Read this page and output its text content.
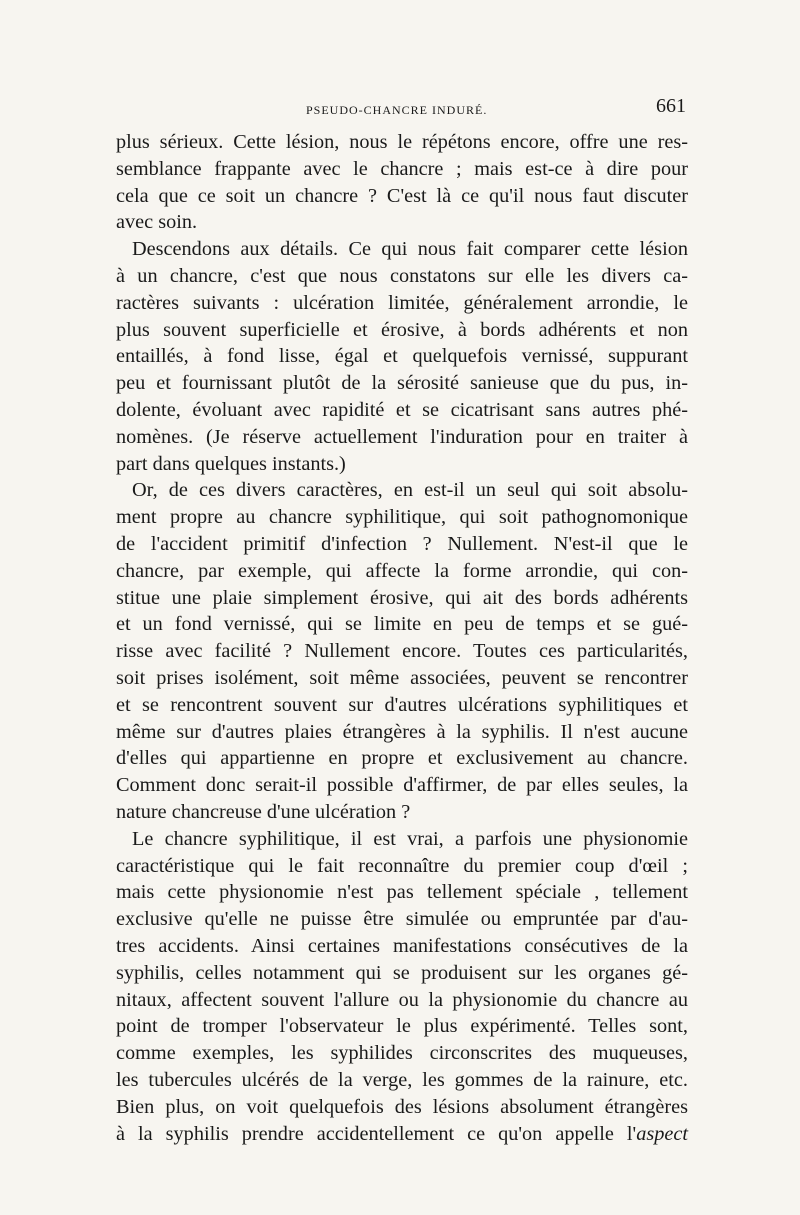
PSEUDO-CHANCRE INDURÉ.	661
plus sérieux. Cette lésion, nous le répétons encore, offre une res-
semblance frappante avec le chancre ; mais est-ce à dire pour
cela que ce soit un chancre ? C'est là ce qu'il nous faut discuter
avec soin.
Descendons aux détails. Ce qui nous fait comparer cette lésion
à un chancre, c'est que nous constatons sur elle les divers ca-
ractères suivants : ulcération limitée, généralement arrondie, le
plus souvent superficielle et érosive, à bords adhérents et non
entaillés, à fond lisse, égal et quelquefois vernissé, suppurant
peu et fournissant plutôt de la sérosité sanieuse que du pus, in-
dolente, évoluant avec rapidité et se cicatrisant sans autres phé-
nomènes. (Je réserve actuellement l'induration pour en traiter à
part dans quelques instants.)
Or, de ces divers caractères, en est-il un seul qui soit absolu-
ment propre au chancre syphilitique, qui soit pathognomonique
de l'accident primitif d'infection ? Nullement. N'est-il que le
chancre, par exemple, qui affecte la forme arrondie, qui con-
stitue une plaie simplement érosive, qui ait des bords adhérents
et un fond vernissé, qui se limite en peu de temps et se gué-
risse avec facilité ? Nullement encore. Toutes ces particularités,
soit prises isolément, soit même associées, peuvent se rencontrer
et se rencontrent souvent sur d'autres ulcérations syphilitiques et
même sur d'autres plaies étrangères à la syphilis. Il n'est aucune
d'elles qui appartienne en propre et exclusivement au chancre.
Comment donc serait-il possible d'affirmer, de par elles seules, la
nature chancreuse d'une ulcération ?
Le chancre syphilitique, il est vrai, a parfois une physionomie
caractéristique qui le fait reconnaître du premier coup d'œil ;
mais cette physionomie n'est pas tellement spéciale , tellement
exclusive qu'elle ne puisse être simulée ou empruntée par d'au-
tres accidents. Ainsi certaines manifestations consécutives de la
syphilis, celles notamment qui se produisent sur les organes gé-
nitaux, affectent souvent l'allure ou la physionomie du chancre au
point de tromper l'observateur le plus expérimenté. Telles sont,
comme exemples, les syphilides circonscrites des muqueuses,
les tubercules ulcérés de la verge, les gommes de la rainure, etc.
Bien plus, on voit quelquefois des lésions absolument étrangères
à la syphilis prendre accidentellement ce qu'on appelle l'aspect
